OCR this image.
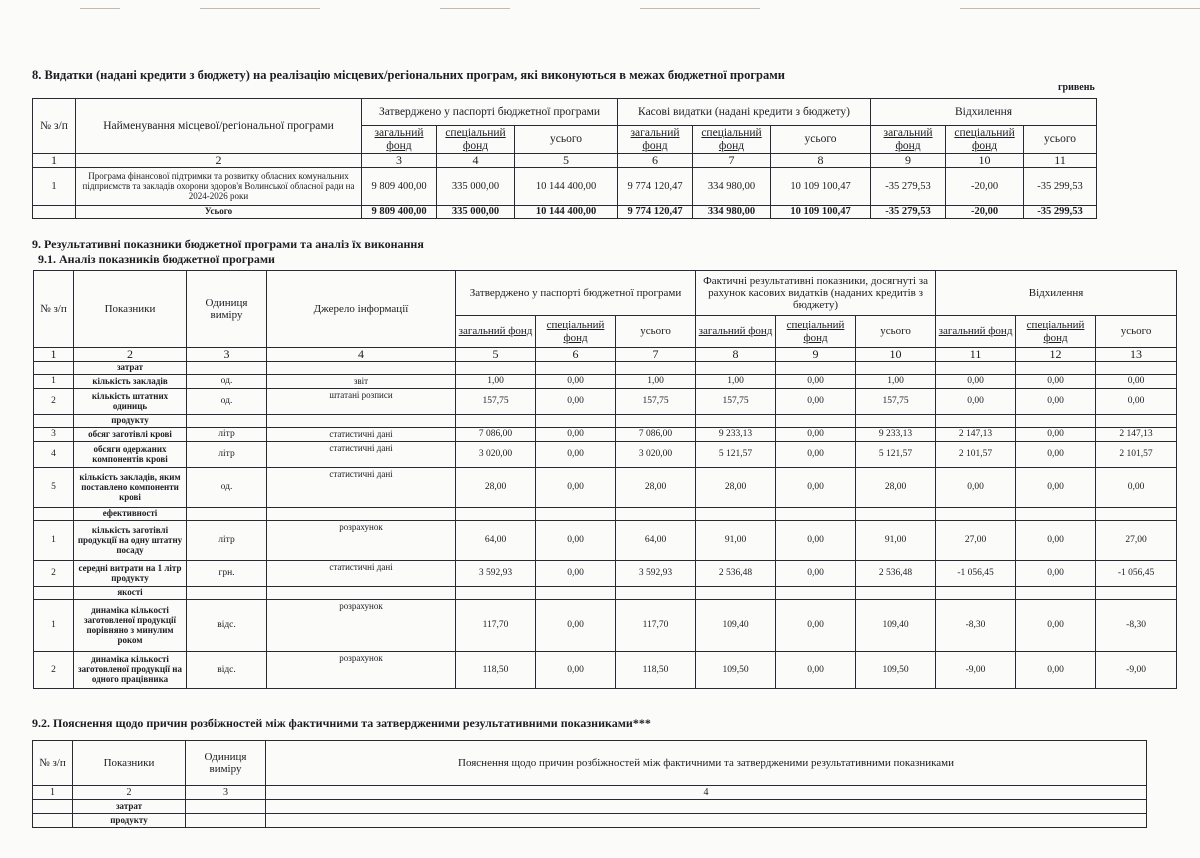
8. Видатки (надані кредити з бюджету) на реалізацію місцевих/регіональних програм, які виконуються в межах бюджетної програми
гривень
№ з/п	Найменування місцевої/регіональної програми	Затверджено у паспорті бюджетної програми			Касові видатки (надані кредити з бюджету)			Відхилення		
		загальний фонд	спеціальний фонд	усього	загальний фонд	спеціальний фонд	усього	загальний фонд	спеціальний фонд	усього
1	2	3	4	5	6	7	8	9	10	11
1	Програма фінансової підтримки та розвитку обласних комунальних підприємств та закладів охорони здоров'я Волинської обласної ради на 2024-2026 роки	9 809 400,00	335 000,00	10 144 400,00	9 774 120,47	334 980,00	10 109 100,47	-35 279,53	-20,00	-35 299,53
	Усього	9 809 400,00	335 000,00	10 144 400,00	9 774 120,47	334 980,00	10 109 100,47	-35 279,53	-20,00	-35 299,53
9. Результативні показники бюджетної програми та аналіз їх виконання
9.1. Аналіз показників бюджетної програми
№ з/п	Показники	Одиниця виміру	Джерело інформації	Затверджено у паспорті бюджетної програми			Фактичні результативні показники, досягнуті за рахунок касових видатків (наданих кредитів з бюджету)			Відхилення		
				загальний фонд	спеціальний фонд	усього	загальний фонд	спеціальний фонд	усього	загальний фонд	спеціальний фонд	усього
1	2	3	4	5	6	7	8	9	10	11	12	13
	затрат											
1	кількість закладів	од.	звіт	1,00	0,00	1,00	1,00	0,00	1,00	0,00	0,00	0,00
2	кількість штатних одиниць	од.	штатані розписи	157,75	0,00	157,75	157,75	0,00	157,75	0,00	0,00	0,00
	продукту											
3	обсяг заготівлі крові	літр	статистичні дані	7 086,00	0,00	7 086,00	9 233,13	0,00	9 233,13	2 147,13	0,00	2 147,13
4	обсяги одержаних компонентів крові	літр	статистичні дані	3 020,00	0,00	3 020,00	5 121,57	0,00	5 121,57	2 101,57	0,00	2 101,57
5	кількість закладів, яким поставлено компоненти крові	од.	статистичні дані	28,00	0,00	28,00	28,00	0,00	28,00	0,00	0,00	0,00
	ефективності											
1	кількість заготівлі продукції на одну штатну посаду	літр	розрахунок	64,00	0,00	64,00	91,00	0,00	91,00	27,00	0,00	27,00
2	середні витрати на 1 літр продукту	грн.	статистичні дані	3 592,93	0,00	3 592,93	2 536,48	0,00	2 536,48	-1 056,45	0,00	-1 056,45
	якості											
1	динаміка кількості заготовленої продукції порівняно з минулим роком	відс.	розрахунок	117,70	0,00	117,70	109,40	0,00	109,40	-8,30	0,00	-8,30
2	динаміка кількості заготовленої продукції на одного працівника	відс.	розрахунок	118,50	0,00	118,50	109,50	0,00	109,50	-9,00	0,00	-9,00
9.2. Пояснення щодо причин розбіжностей між фактичними та затвердженими результативними показниками***
№ з/п	Показники	Одиниця виміру	Пояснення щодо причин розбіжностей між фактичними та затвердженими результативними показниками
1	2	3	4
	затрат		
	продукту		
